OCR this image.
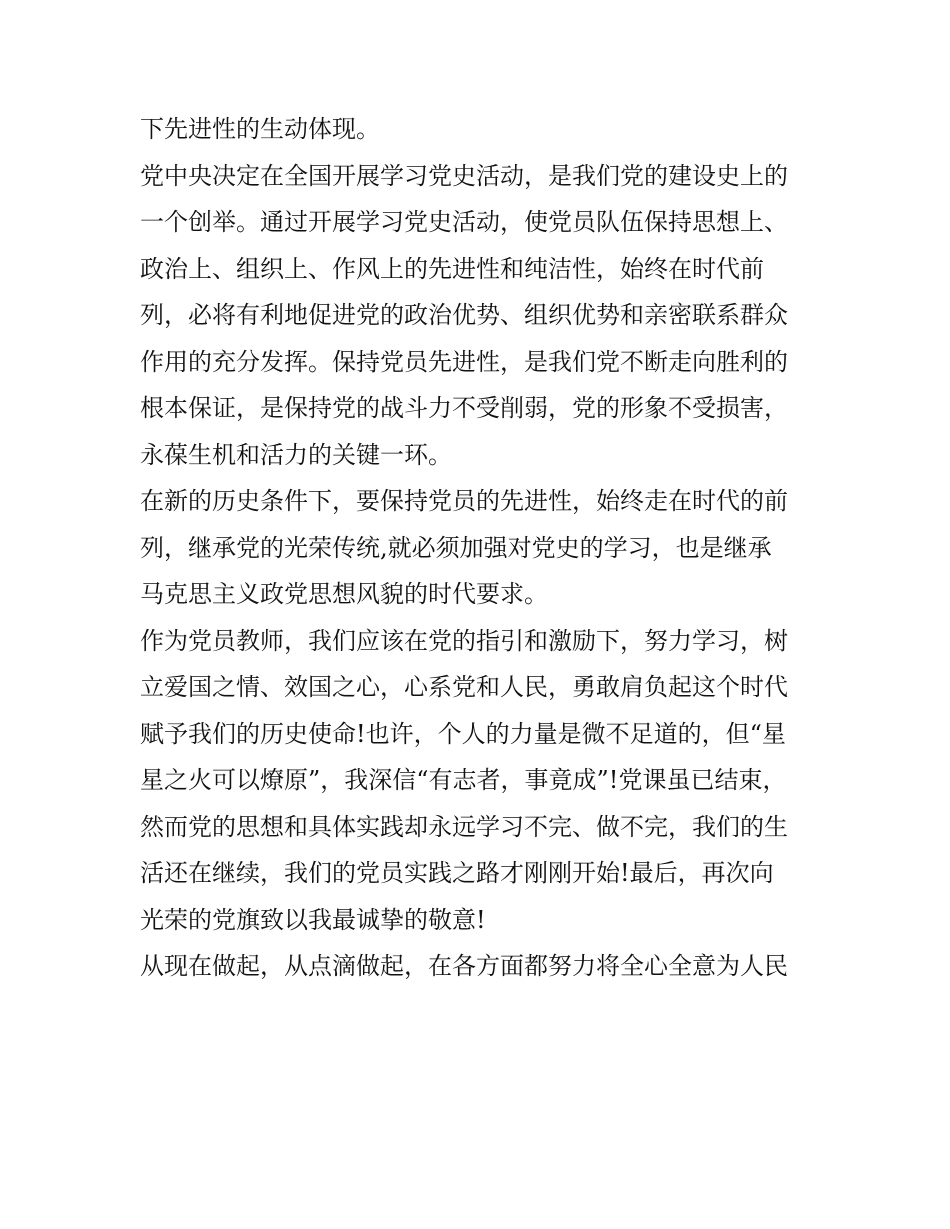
下先进性的生动体现。
党中央决定在全国开展学习党史活动，是我们党的建设史上的
一个创举。通过开展学习党史活动，使党员队伍保持思想上、
政治上、组织上、作风上的先进性和纯洁性，始终在时代前
列，必将有利地促进党的政治优势、组织优势和亲密联系群众
作用的充分发挥。保持党员先进性，是我们党不断走向胜利的
根本保证，是保持党的战斗力不受削弱，党的形象不受损害，
永葆生机和活力的关键一环。
在新的历史条件下，要保持党员的先进性，始终走在时代的前
列，继承党的光荣传统,就必须加强对党史的学习，也是继承
马克思主义政党思想风貌的时代要求。
作为党员教师，我们应该在党的指引和激励下，努力学习，树
立爱国之情、效国之心，心系党和人民，勇敢肩负起这个时代
赋予我们的历史使命!也许，个人的力量是微不足道的，但“星
星之火可以燎原”，我深信“有志者，事竟成”!党课虽已结束，
然而党的思想和具体实践却永远学习不完、做不完，我们的生
活还在继续，我们的党员实践之路才刚刚开始!最后，再次向
光荣的党旗致以我最诚挚的敬意!
从现在做起，从点滴做起，在各方面都努力将全心全意为人民
